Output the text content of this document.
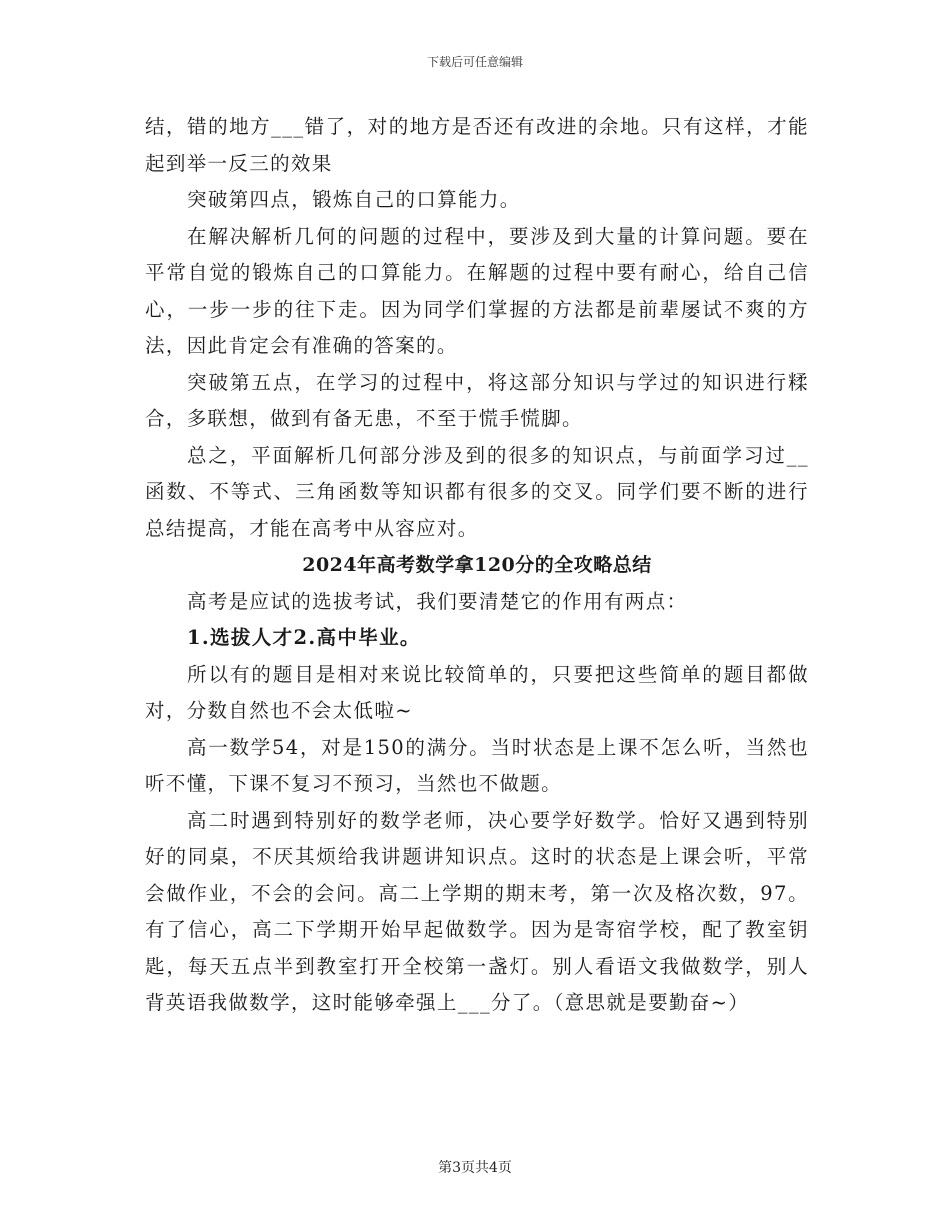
下载后可任意编辑

结，错的地方___错了，对的地方是否还有改进的余地。只有这样，才能起到举一反三的效果

突破第四点，锻炼自己的口算能力。

在解决解析几何的问题的过程中，要涉及到大量的计算问题。要在平常自觉的锻炼自己的口算能力。在解题的过程中要有耐心，给自己信心，一步一步的往下走。因为同学们掌握的方法都是前辈屡试不爽的方法，因此肯定会有准确的答案的。

突破第五点，在学习的过程中，将这部分知识与学过的知识进行糅合，多联想，做到有备无患，不至于慌手慌脚。

总之，平面解析几何部分涉及到的很多的知识点，与前面学习过__函数、不等式、三角函数等知识都有很多的交叉。同学们要不断的进行总结提高，才能在高考中从容应对。

2024年高考数学拿120分的全攻略总结

高考是应试的选拔考试，我们要清楚它的作用有两点：

1.选拔人才2.高中毕业。

所以有的题目是相对来说比较简单的，只要把这些简单的题目都做对，分数自然也不会太低啦~

高一数学54，对是150的满分。当时状态是上课不怎么听，当然也听不懂，下课不复习不预习，当然也不做题。

高二时遇到特别好的数学老师，决心要学好数学。恰好又遇到特别好的同桌，不厌其烦给我讲题讲知识点。这时的状态是上课会听，平常会做作业，不会的会问。高二上学期的期末考，第一次及格次数，97。有了信心，高二下学期开始早起做数学。因为是寄宿学校，配了教室钥匙，每天五点半到教室打开全校第一盏灯。别人看语文我做数学，别人背英语我做数学，这时能够牵强上___分了。（意思就是要勤奋~）

第3页共4页
